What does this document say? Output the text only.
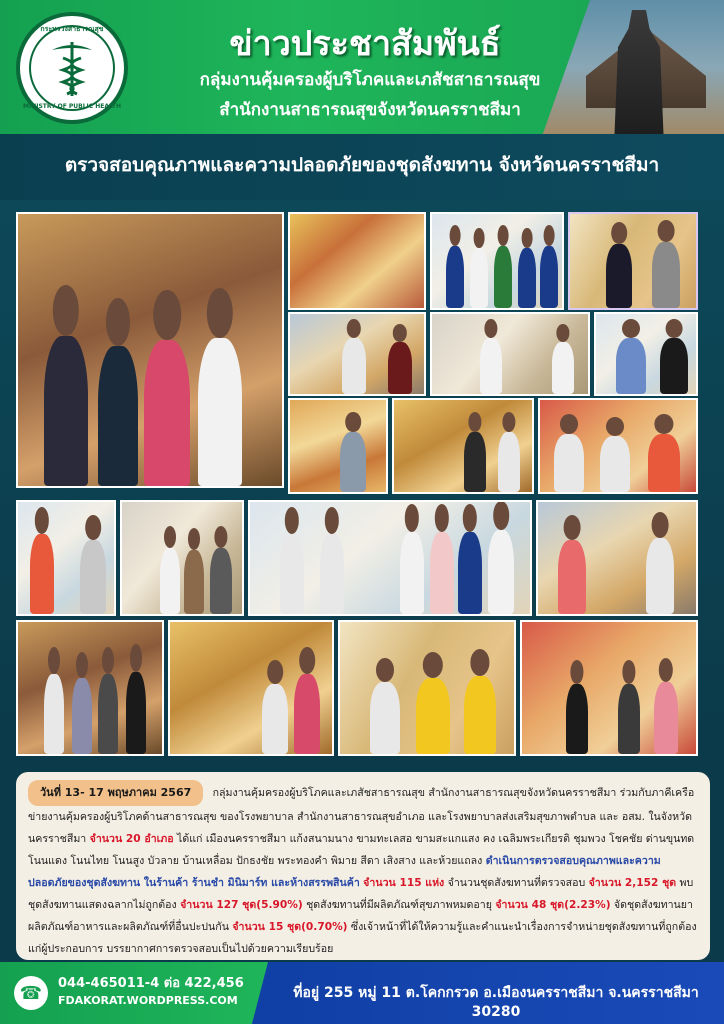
กระทรวงสาธารณสุข
MINISTRY OF PUBLIC HEALTH
ข่าวประชาสัมพันธ์
กลุ่มงานคุ้มครองผู้บริโภคและเภสัชสาธารณสุข
สำนักงานสาธารณสุขจังหวัดนครราชสีมา
ตรวจสอบคุณภาพและความปลอดภัยของชุดสังฆทาน จังหวัดนครราชสีมา
วันที่ 13- 17 พฤษภาคม 2567 กลุ่มงานคุ้มครองผู้บริโภคและเภสัชสาธารณสุข สำนักงานสาธารณสุขจังหวัดนครราชสีมา ร่วมกับภาคีเครือข่ายงานคุ้มครองผู้บริโภคด้านสาธารณสุข ของโรงพยาบาล สำนักงานสาธารณสุขอำเภอ และโรงพยาบาลส่งเสริมสุขภาพตำบล และ อสม. ในจังหวัดนครราชสีมา จำนวน 20 อำเภอ ได้แก่ เมืองนครราชสีมา แก้งสนามนาง ขามทะเลสอ ขามสะแกแสง คง เฉลิมพระเกียรติ ชุมพวง โชคชัย ด่านขุนทด โนนแดง โนนไทย โนนสูง บัวลาย บ้านเหลื่อม ปักธงชัย พระทองคำ พิมาย สีดา เสิงสาง และห้วยแถลง ดำเนินการตรวจสอบคุณภาพและความปลอดภัยของชุดสังฆทาน ในร้านค้า ร้านชำ มินิมาร์ท และห้างสรรพสินค้า จำนวน 115 แห่ง จำนวนชุดสังฆทานที่ตรวจสอบ จำนวน 2,152 ชุด พบชุดสังฆทานแสดงฉลากไม่ถูกต้อง จำนวน 127 ชุด(5.90%) ชุดสังฆทานที่มีผลิตภัณฑ์สุขภาพหมดอายุ จำนวน 48 ชุด(2.23%) จัดชุดสังฆทานยา ผลิตภัณฑ์อาหารและผลิตภัณฑ์ที่อื่นปะปนกัน จำนวน 15 ชุด(0.70%) ซึ่งเจ้าหน้าที่ได้ให้ความรู้และคำแนะนำเรื่องการจำหน่ายชุดสังฆทานที่ถูกต้องแก่ผู้ประกอบการ บรรยากาศการตรวจสอบเป็นไปด้วยความเรียบร้อย
☎	044-465011-4 ต่อ 422,456
FDAKORAT.WORDPRESS.COM	ที่อยู่ 255 หมู่ 11 ต.โคกกรวด อ.เมืองนครราชสีมา จ.นครราชสีมา 30280
